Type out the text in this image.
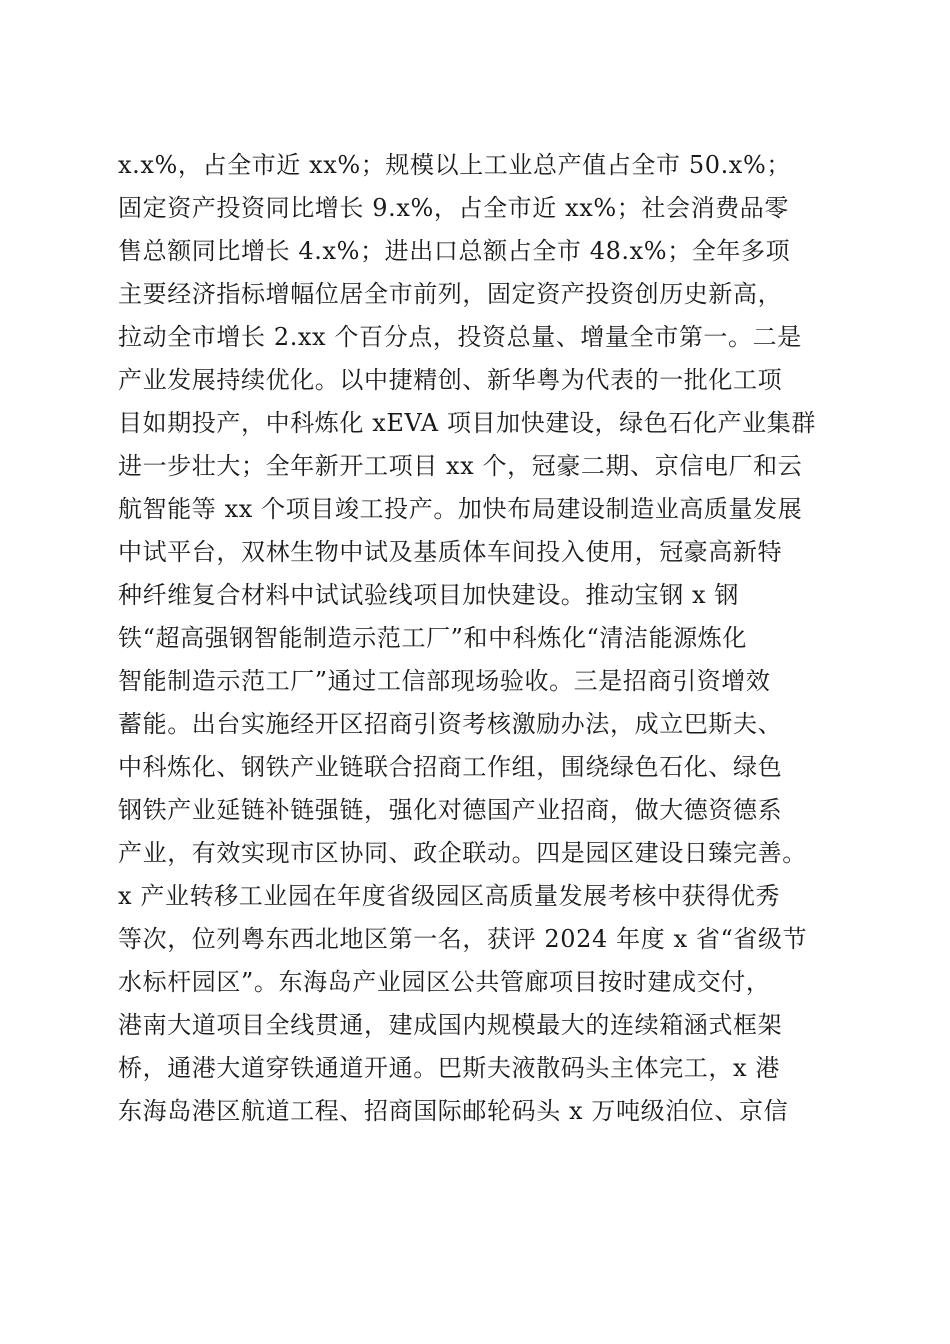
x.x%，占全市近 xx%；规模以上工业总产值占全市 50.x%；
固定资产投资同比增长 9.x%，占全市近 xx%；社会消费品零
售总额同比增长 4.x%；进出口总额占全市 48.x%；全年多项
主要经济指标增幅位居全市前列，固定资产投资创历史新高，
拉动全市增长 2.xx 个百分点，投资总量、增量全市第一。二是
产业发展持续优化。以中捷精创、新华粤为代表的一批化工项
目如期投产，中科炼化 xEVA 项目加快建设，绿色石化产业集群
进一步壮大；全年新开工项目 xx 个，冠豪二期、京信电厂和云
航智能等 xx 个项目竣工投产。加快布局建设制造业高质量发展
中试平台，双林生物中试及基质体车间投入使用，冠豪高新特
种纤维复合材料中试试验线项目加快建设。推动宝钢 x 钢
铁“超高强钢智能制造示范工厂”和中科炼化“清洁能源炼化
智能制造示范工厂”通过工信部现场验收。三是招商引资增效
蓄能。出台实施经开区招商引资考核激励办法，成立巴斯夫、
中科炼化、钢铁产业链联合招商工作组，围绕绿色石化、绿色
钢铁产业延链补链强链，强化对德国产业招商，做大德资德系
产业，有效实现市区协同、政企联动。四是园区建设日臻完善。
x 产业转移工业园在年度省级园区高质量发展考核中获得优秀
等次，位列粤东西北地区第一名，获评 2024 年度 x 省“省级节
水标杆园区”。东海岛产业园区公共管廊项目按时建成交付，
港南大道项目全线贯通，建成国内规模最大的连续箱涵式框架
桥，通港大道穿铁通道开通。巴斯夫液散码头主体完工，x 港
东海岛港区航道工程、招商国际邮轮码头 x 万吨级泊位、京信
